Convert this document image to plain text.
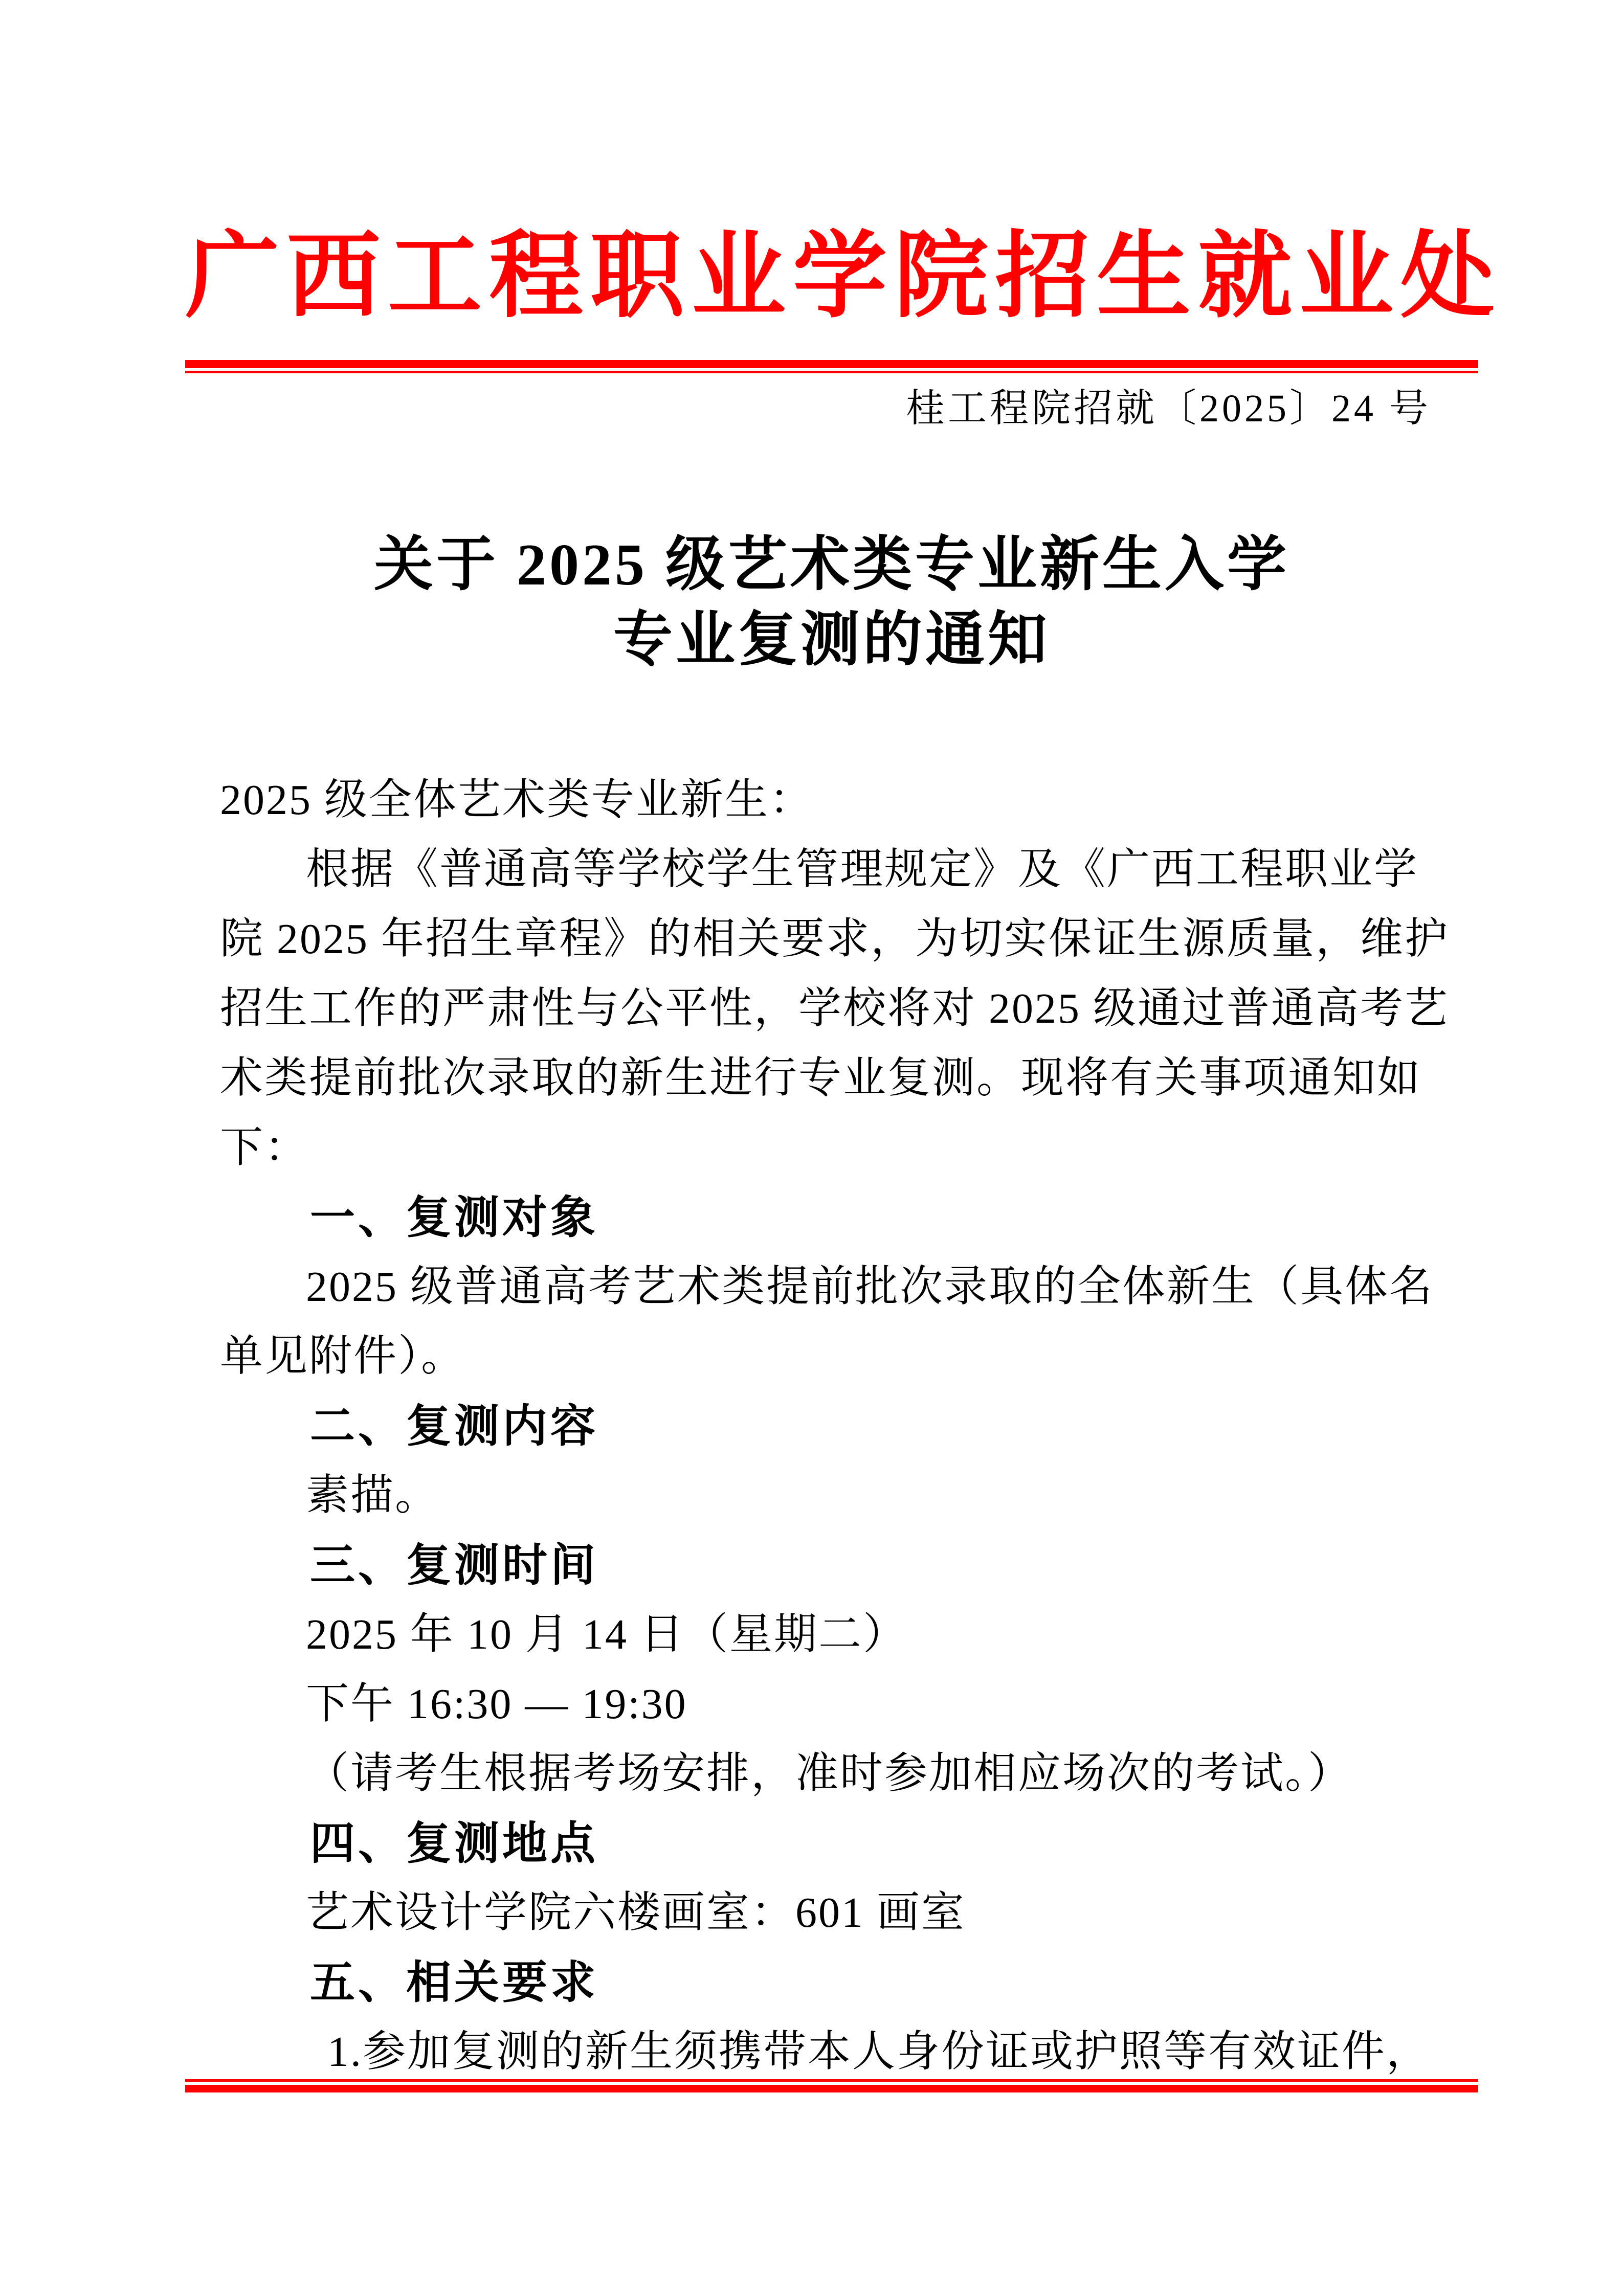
广西工程职业学院招生就业处
桂工程院招就〔2025〕24 号
关于 2025 级艺术类专业新生入学
专业复测的通知

2025 级全体艺术类专业新生：

根据《普通高等学校学生管理规定》及《广西工程职业学

院 2025 年招生章程》的相关要求，为切实保证生源质量，维护

招生工作的严肃性与公平性，学校将对 2025 级通过普通高考艺

术类提前批次录取的新生进行专业复测。现将有关事项通知如

下：

一、复测对象

2025 级普通高考艺术类提前批次录取的全体新生（具体名

单见附件）。

二、复测内容

素描。

三、复测时间

2025 年 10 月 14 日（星期二）

下午 16:30 — 19:30

（请考生根据考场安排，准时参加相应场次的考试。）

四、复测地点

艺术设计学院六楼画室：601 画室

五、相关要求

1.参加复测的新生须携带本人身份证或护照等有效证件，
